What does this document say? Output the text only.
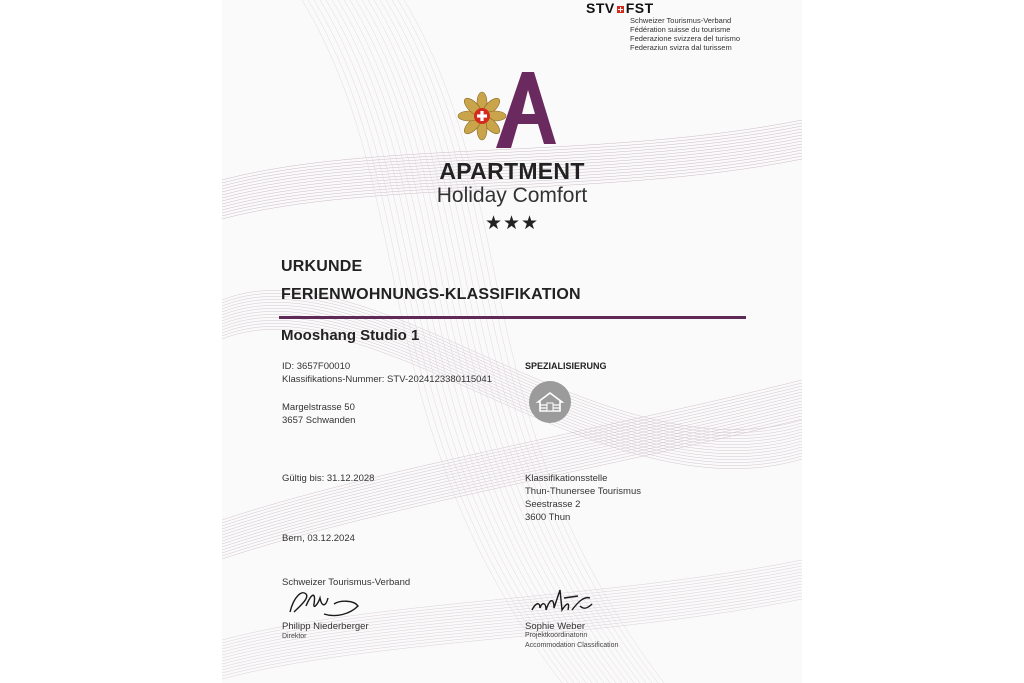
STV FST
Schweizer Tourismus-Verband
Fédération suisse du tourisme
Federazione svizzera del turismo
Federaziun svizra dal turissem
A
APARTMENT
Holiday Comfort
★★★
URKUNDE
FERIENWOHNUNGS-KLASSIFIKATION
Mooshang Studio 1
ID: 3657F00010
Klassifikations-Nummer: STV-2024123380115041
Margelstrasse 50
3657 Schwanden
Gültig bis: 31.12.2028
Bern, 03.12.2024
SPEZIALISIERUNG
Klassifikationsstelle
Thun-Thunersee Tourismus
Seestrasse 2
3600 Thun
Schweizer Tourismus-Verband
Philipp Niederberger
Direktor
Sophie Weber
Projektkoordinatorin
Accommodation Classification
